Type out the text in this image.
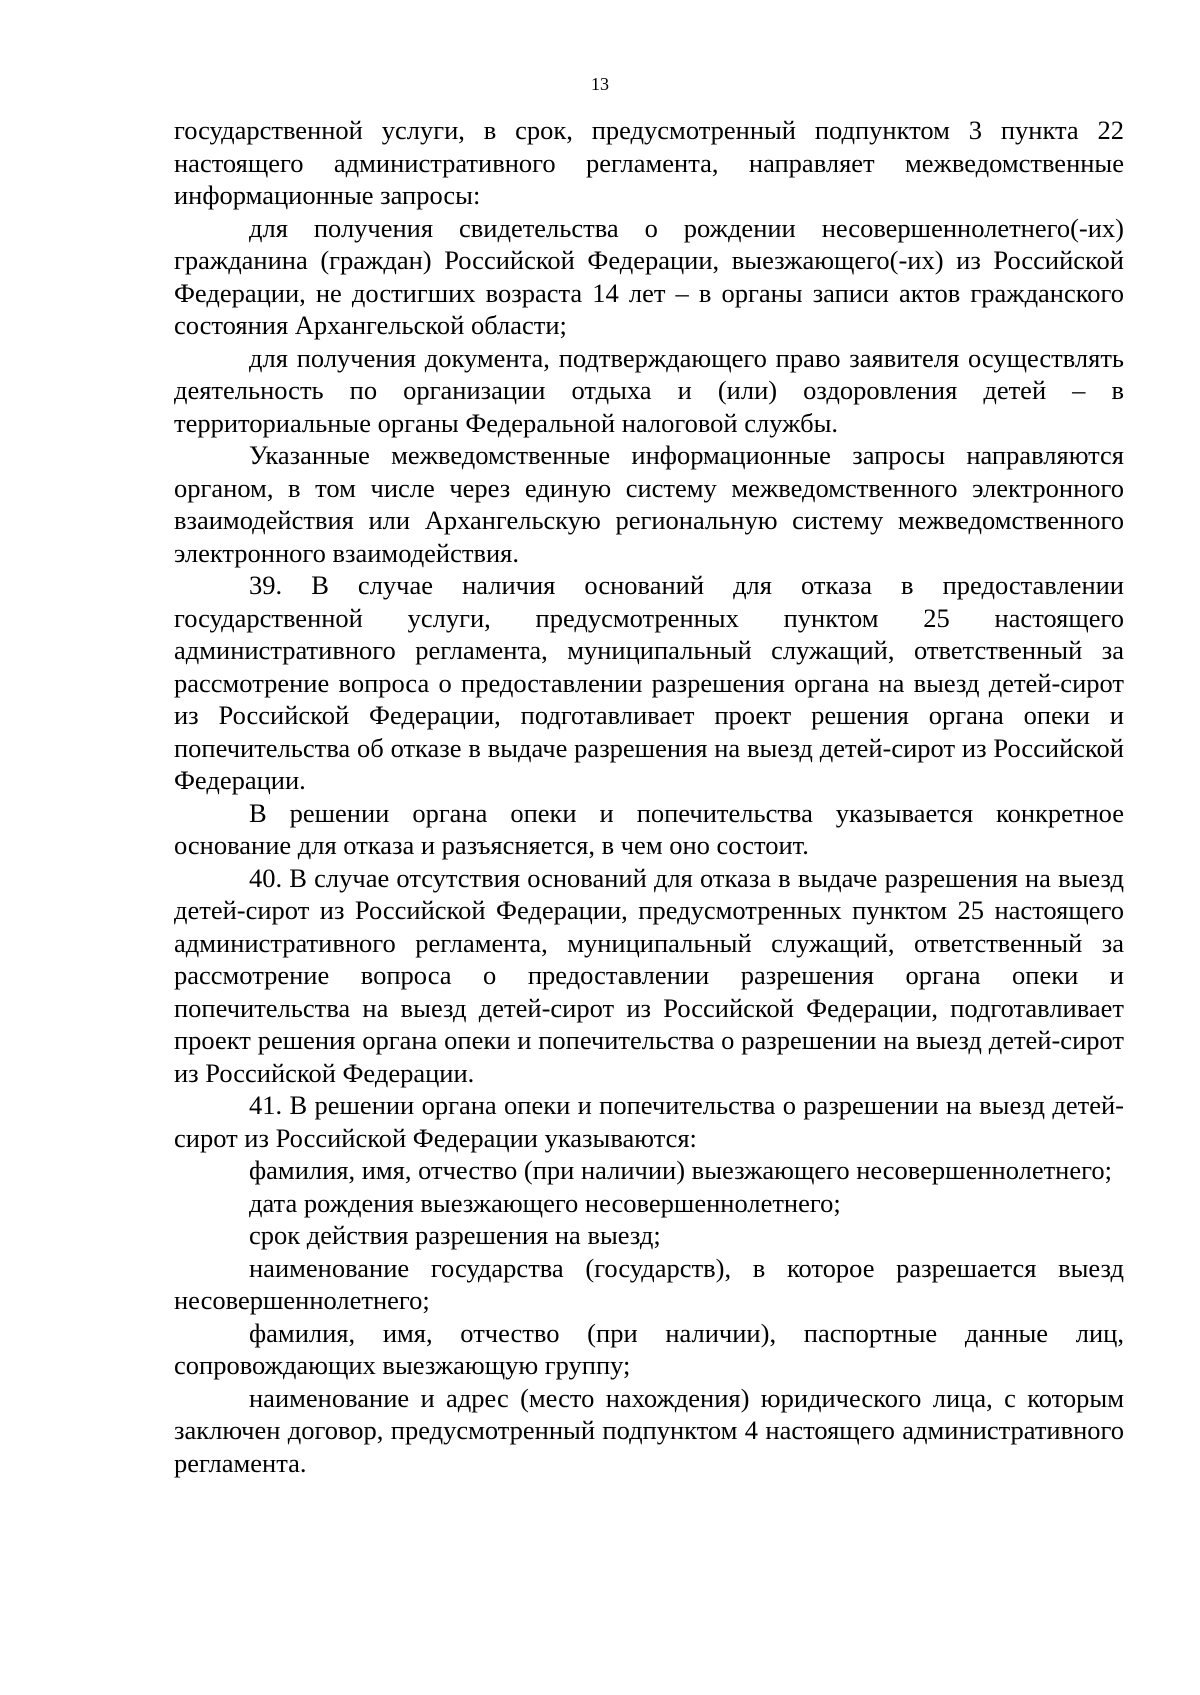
13

государственной услуги, в срок, предусмотренный подпунктом 3 пункта 22 настоящего административного регламента, направляет межведомственные информационные запросы:

для получения свидетельства о рождении несовершеннолетнего(-их) гражданина (граждан) Российской Федерации, выезжающего(-их) из Российской Федерации, не достигших возраста 14 лет – в органы записи актов гражданского состояния Архангельской области;

для получения документа, подтверждающего право заявителя осуществлять деятельность по организации отдыха и (или) оздоровления детей – в территориальные органы Федеральной налоговой службы.

Указанные межведомственные информационные запросы направляются органом, в том числе через единую систему межведомственного электронного взаимодействия или Архангельскую региональную систему межведомственного электронного взаимодействия.

39. В случае наличия оснований для отказа в предоставлении государственной услуги, предусмотренных пунктом 25 настоящего административного регламента, муниципальный служащий, ответственный за рассмотрение вопроса о предоставлении разрешения органа на выезд детей-сирот из Российской Федерации, подготавливает проект решения органа опеки и попечительства об отказе в выдаче разрешения на выезд детей-сирот из Российской Федерации.

В решении органа опеки и попечительства указывается конкретное основание для отказа и разъясняется, в чем оно состоит.

40. В случае отсутствия оснований для отказа в выдаче разрешения на выезд детей-сирот из Российской Федерации, предусмотренных пунктом 25 настоящего административного регламента, муниципальный служащий, ответственный за рассмотрение вопроса о предоставлении разрешения органа опеки и попечительства на выезд детей-сирот из Российской Федерации, подготавливает проект решения органа опеки и попечительства о разрешении на выезд детей-сирот из Российской Федерации.

41. В решении органа опеки и попечительства о разрешении на выезд детей-сирот из Российской Федерации указываются:

фамилия, имя, отчество (при наличии) выезжающего несовершеннолетнего;

дата рождения выезжающего несовершеннолетнего;

срок действия разрешения на выезд;

наименование государства (государств), в которое разрешается выезд несовершеннолетнего;

фамилия, имя, отчество (при наличии), паспортные данные лиц, сопровождающих выезжающую группу;

наименование и адрес (место нахождения) юридического лица, с которым заключен договор, предусмотренный подпунктом 4 настоящего административного регламента.
